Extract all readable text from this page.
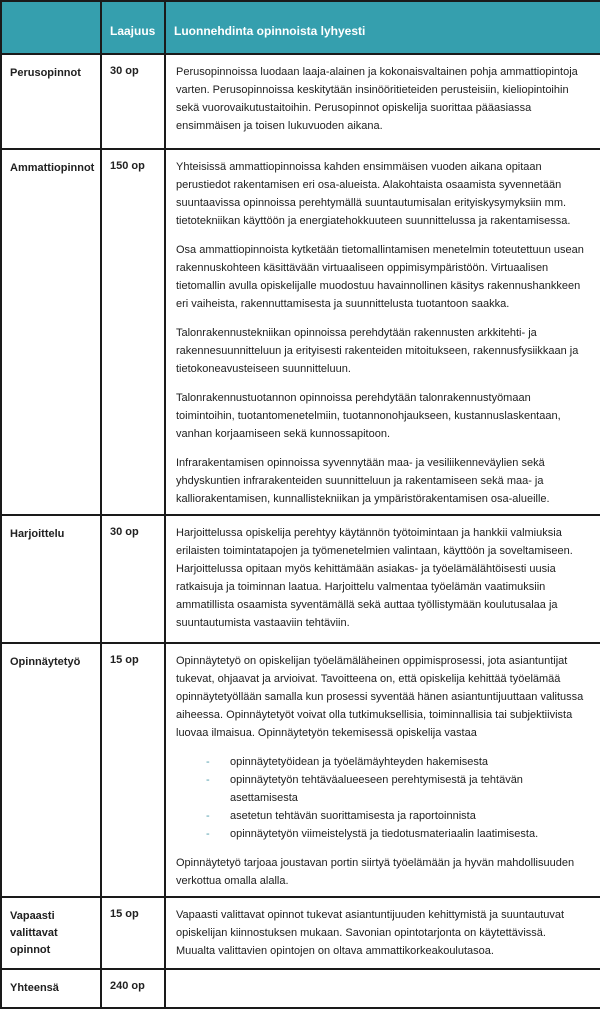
	Laajuus	Luonnehdinta opinnoista lyhyesti
Perusopinnot	30 op	Perusopinnoissa luodaan laaja-alainen ja kokonaisvaltainen pohja ammattiopintoja varten. Perusopinnoissa keskitytään insinööritieteiden perusteisiin, kieliopintoihin sekä vuorovaikutustaitoihin. Perusopinnot opiskelija suorittaa pääasiassa ensimmäisen ja toisen lukuvuoden aikana.

Ammattiopinnot	150 op	Yhteisissä ammattiopinnoissa kahden ensimmäisen vuoden aikana opitaan perustiedot rakentamisen eri osa-alueista. Alakohtaista osaamista syvennetään suuntaavissa opinnoissa perehtymällä suuntautumisalan erityiskysymyksiin mm. tietotekniikan käyttöön ja energiatehokkuuteen suunnittelussa ja rakentamisessa.

Osa ammattiopinnoista kytketään tietomallintamisen menetelmin toteutettuun usean rakennuskohteen käsittävään virtuaaliseen oppimisympäristöön. Virtuaalisen tietomallin avulla opiskelijalle muodostuu havainnollinen käsitys rakennushankkeen eri vaiheista, rakennuttamisesta ja suunnittelusta tuotantoon saakka.

Talonrakennustekniikan opinnoissa perehdytään rakennusten arkkitehti- ja rakennesuunnitteluun ja erityisesti rakenteiden mitoitukseen, rakennusfysiikkaan ja tietokoneavusteiseen suunnitteluun.

Talonrakennustuotannon opinnoissa perehdytään talonrakennustyömaan toimintoihin, tuotantomenetelmiin, tuotannonohjaukseen, kustannuslaskentaan, vanhan korjaamiseen sekä kunnossapitoon.

Infrarakentamisen opinnoissa syvennytään maa- ja vesiliikenneväylien sekä yhdyskuntien infrarakenteiden suunnitteluun ja rakentamiseen sekä maa- ja kalliorakentamisen, kunnallistekniikan ja ympäristörakentamisen osa-alueille.

Harjoittelu	30 op	Harjoittelussa opiskelija perehtyy käytännön työtoimintaan ja hankkii valmiuksia erilaisten toimintatapojen ja työmenetelmien valintaan, käyttöön ja soveltamiseen. Harjoittelussa opitaan myös kehittämään asiakas- ja työelämälähtöisesti uusia ratkaisuja ja toiminnan laatua. Harjoittelu valmentaa työelämän vaatimuksiin ammatillista osaamista syventämällä sekä auttaa työllistymään koulutusalaa ja suuntautumista vastaaviin tehtäviin.

Opinnäytetyö	15 op	Opinnäytetyö on opiskelijan työelämäläheinen oppimisprosessi, jota asiantuntijat tukevat, ohjaavat ja arvioivat. Tavoitteena on, että opiskelija kehittää työelämää opinnäytetyöllään samalla kun prosessi syventää hänen asiantuntijuuttaan valitussa aiheessa. Opinnäytetyöt voivat olla tutkimuksellisia, toiminnallisia tai subjektiivista luovaa ilmaisua. Opinnäytetyön tekemisessä opiskelija vastaa

-	opinnäytetyöidean ja työelämäyhteyden hakemisesta
-	opinnäytetyön tehtäväalueeseen perehtymisestä ja tehtävän asettamisesta
-	asetetun tehtävän suorittamisesta ja raportoinnista
-	opinnäytetyön viimeistelystä ja tiedotusmateriaalin laatimisesta.

Opinnäytetyö tarjoaa joustavan portin siirtyä työelämään ja hyvän mahdollisuuden verkottua omalla alalla.

Vapaasti valittavat opinnot	15 op	Vapaasti valittavat opinnot tukevat asiantuntijuuden kehittymistä ja suuntautuvat opiskelijan kiinnostuksen mukaan. Savonian opintotarjonta on käytettävissä. Muualta valittavien opintojen on oltava ammattikorkeakoulutasoa.

Yhteensä	240 op	
